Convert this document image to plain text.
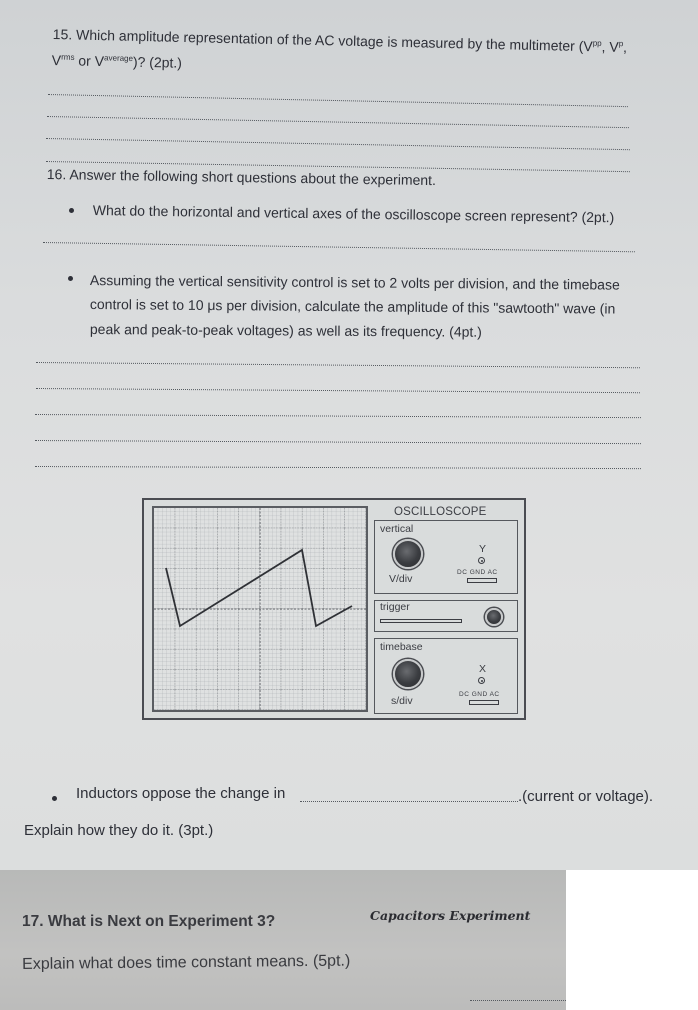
15. Which amplitude representation of the AC voltage is measured by the multimeter ($V^{pp}$, $V^p$,
$V^{rms}$ or $V^{average}$)? (2pt.)
16. Answer the following short questions about the experiment.
What do the horizontal and vertical axes of the oscilloscope screen represent? (2pt.)
Assuming the vertical sensitivity control is set to 2 volts per division, and the timebase
control is set to 10 μs per division, calculate the amplitude of this "sawtooth" wave (in
peak and peak-to-peak voltages) as well as its frequency. (4pt.)
OSCILLOSCOPE
vertical
V/div
Y
DC GND AC
trigger
timebase
s/div
X
DC GND AC
Inductors oppose the change in	.(current or voltage).
Explain how they do it. (3pt.)
17. What is Next on Experiment 3?	Capacitors Experiment
Explain what does time constant means. (5pt.)
